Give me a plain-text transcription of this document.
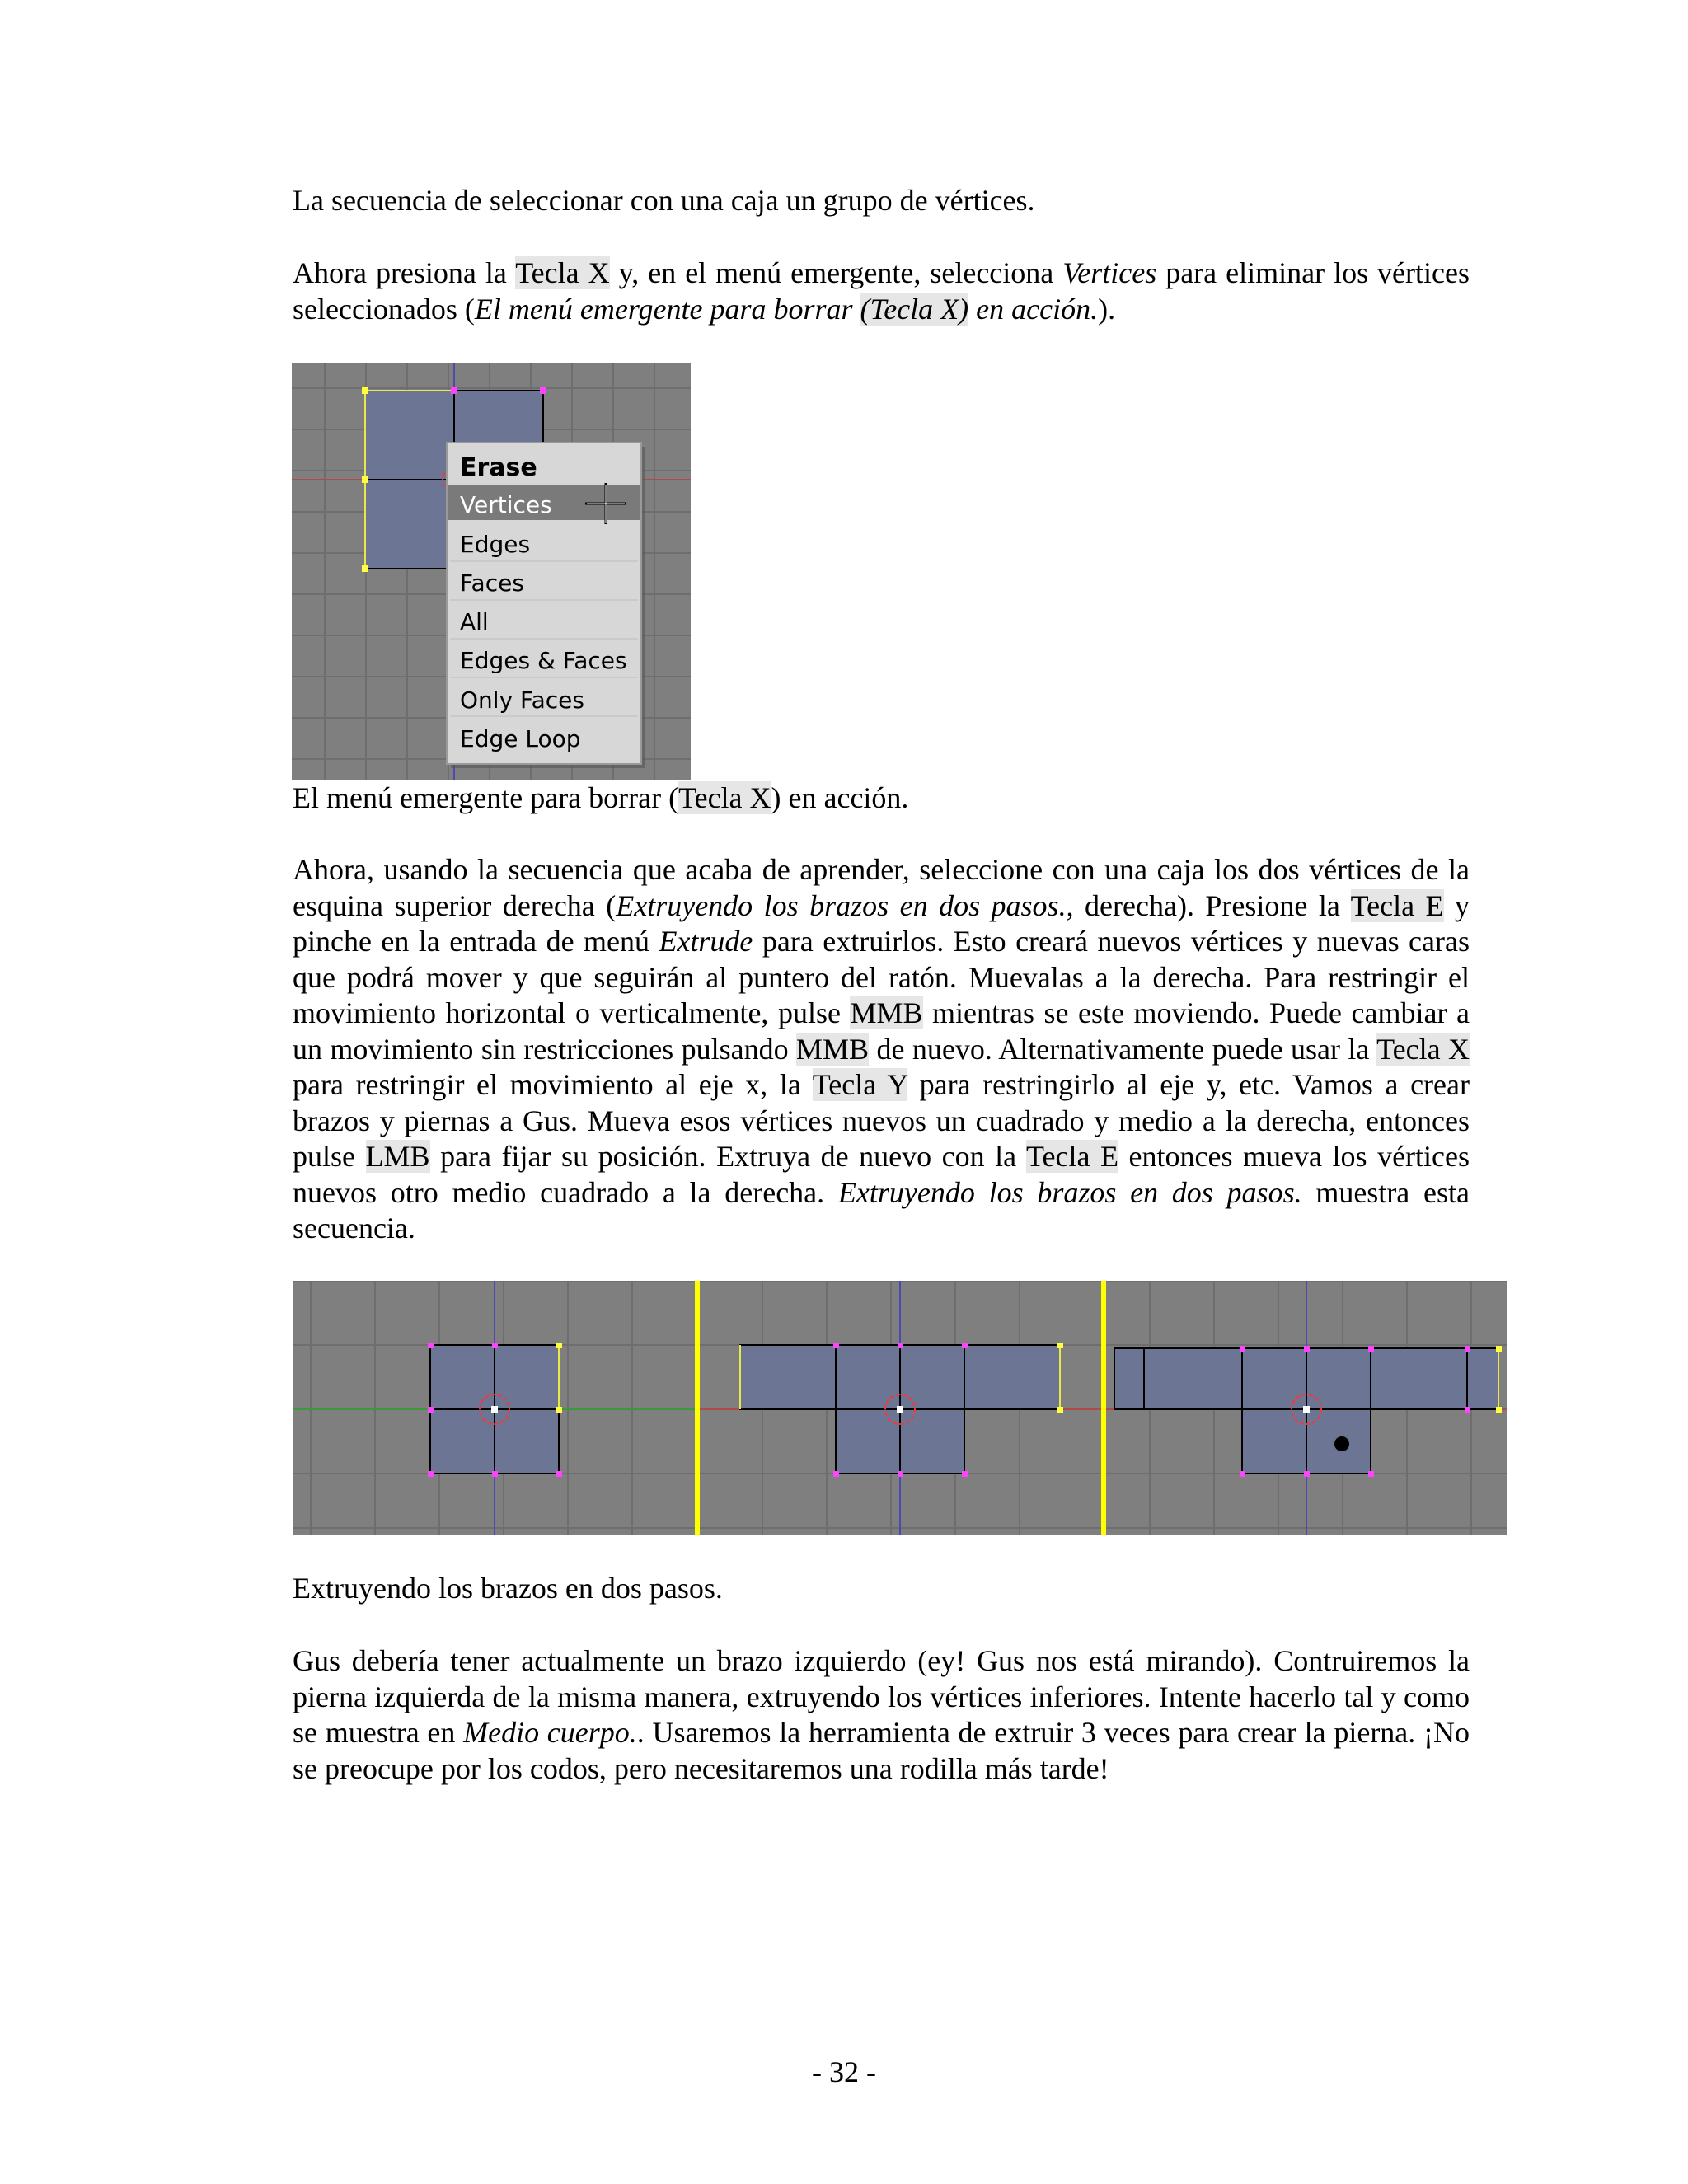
La secuencia de seleccionar con una caja un grupo de vértices.

Ahora presiona la Tecla X y, en el menú emergente, selecciona Vertices para eliminar los vértices seleccionados (El menú emergente para borrar (Tecla X) en acción.).

Erase
Vertices
Edges
Faces
All
Edges & Faces
Only Faces
Edge Loop

El menú emergente para borrar (Tecla X) en acción.

Ahora, usando la secuencia que acaba de aprender, seleccione con una caja los dos vértices de la esquina superior derecha (Extruyendo los brazos en dos pasos., derecha). Presione la Tecla E y pinche en la entrada de menú Extrude para extruirlos. Esto creará nuevos vértices y nuevas caras que podrá mover y que seguirán al puntero del ratón. Muevalas a la derecha. Para restringir el movimiento horizontal o verticalmente, pulse MMB mientras se este moviendo. Puede cambiar a un movimiento sin restricciones pulsando MMB de nuevo. Alternativamente puede usar la Tecla X para restringir el movimiento al eje x, la Tecla Y para restringirlo al eje y, etc. Vamos a crear brazos y piernas a Gus. Mueva esos vértices nuevos un cuadrado y medio a la derecha, entonces pulse LMB para fijar su posición. Extruya de nuevo con la Tecla E entonces mueva los vértices nuevos otro medio cuadrado a la derecha. Extruyendo los brazos en dos pasos. muestra esta secuencia.

Extruyendo los brazos en dos pasos.

Gus debería tener actualmente un brazo izquierdo (ey! Gus nos está mirando). Contruiremos la pierna izquierda de la misma manera, extruyendo los vértices inferiores. Intente hacerlo tal y como se muestra en Medio cuerpo.. Usaremos la herramienta de extruir 3 veces para crear la pierna. ¡No se preocupe por los codos, pero necesitaremos una rodilla más tarde!

- 32 -
